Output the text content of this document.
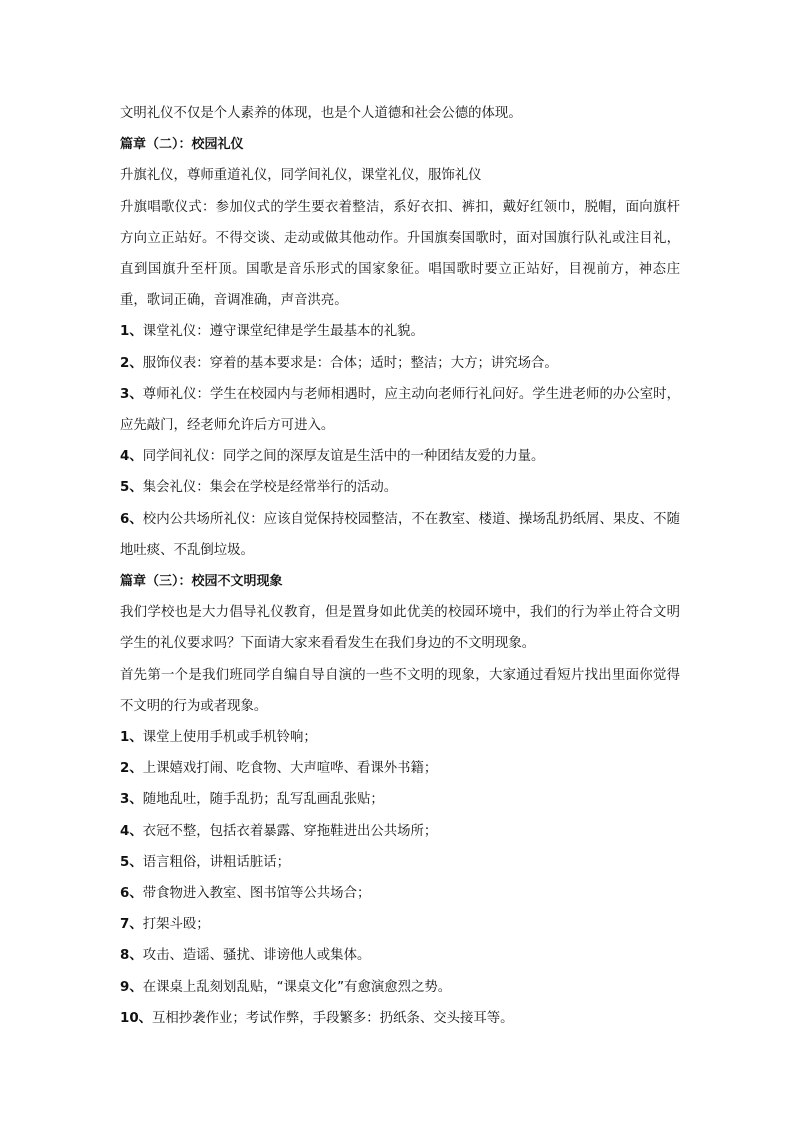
文明礼仪不仅是个人素养的体现，也是个人道德和社会公德的体现。

篇章（二）：校园礼仪

升旗礼仪，尊师重道礼仪，同学间礼仪，课堂礼仪，服饰礼仪

升旗唱歌仪式：参加仪式的学生要衣着整洁，系好衣扣、裤扣，戴好红领巾，脱帽，面向旗杆方向立正站好。不得交谈、走动或做其他动作。升国旗奏国歌时，面对国旗行队礼或注目礼，直到国旗升至杆顶。国歌是音乐形式的国家象征。唱国歌时要立正站好，目视前方，神态庄重，歌词正确，音调准确，声音洪亮。

1、课堂礼仪：遵守课堂纪律是学生最基本的礼貌。

2、服饰仪表：穿着的基本要求是：合体；适时；整洁；大方；讲究场合。

3、尊师礼仪：学生在校园内与老师相遇时，应主动向老师行礼问好。学生进老师的办公室时，应先敲门，经老师允许后方可进入。

4、同学间礼仪：同学之间的深厚友谊是生活中的一种团结友爱的力量。

5、集会礼仪：集会在学校是经常举行的活动。

6、校内公共场所礼仪：应该自觉保持校园整洁，不在教室、楼道、操场乱扔纸屑、果皮、不随地吐痰、不乱倒垃圾。

篇章（三）：校园不文明现象

我们学校也是大力倡导礼仪教育，但是置身如此优美的校园环境中，我们的行为举止符合文明学生的礼仪要求吗？下面请大家来看看发生在我们身边的不文明现象。

首先第一个是我们班同学自编自导自演的一些不文明的现象，大家通过看短片找出里面你觉得不文明的行为或者现象。

1、课堂上使用手机或手机铃响；

2、上课嬉戏打闹、吃食物、大声喧哗、看课外书籍；

3、随地乱吐，随手乱扔；乱写乱画乱张贴；

4、衣冠不整，包括衣着暴露、穿拖鞋进出公共场所；

5、语言粗俗，讲粗话脏话；

6、带食物进入教室、图书馆等公共场合；

7、打架斗殴；

8、攻击、造谣、骚扰、诽谤他人或集体。

9、在课桌上乱刻划乱贴，“课桌文化”有愈演愈烈之势。

10、互相抄袭作业；考试作弊，手段繁多：扔纸条、交头接耳等。
